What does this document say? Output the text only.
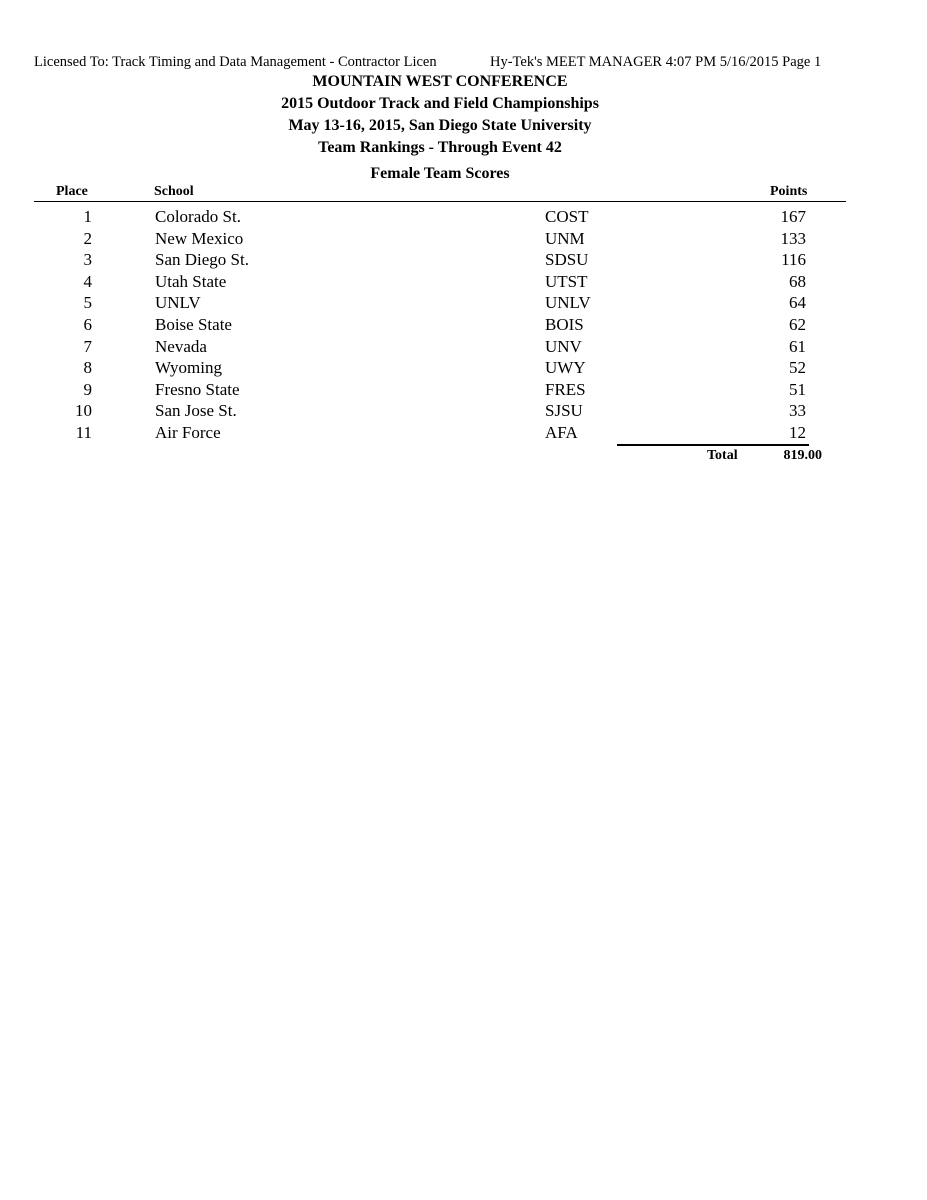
Licensed To: Track Timing and Data Management - Contractor Licen	Hy-Tek's MEET MANAGER 4:07 PM 5/16/2015 Page 1
MOUNTAIN WEST CONFERENCE
2015 Outdoor Track and Field Championships
May 13-16, 2015, San Diego State University
Team Rankings - Through Event 42
Female Team Scores
Place	School	Points
1	Colorado St.	COST	167
2	New Mexico	UNM	133
3	San Diego St.	SDSU	116
4	Utah State	UTST	68
5	UNLV	UNLV	64
6	Boise State	BOIS	62
7	Nevada	UNV	61
8	Wyoming	UWY	52
9	Fresno State	FRES	51
10	San Jose St.	SJSU	33
11	Air Force	AFA	12
Total	819.00
